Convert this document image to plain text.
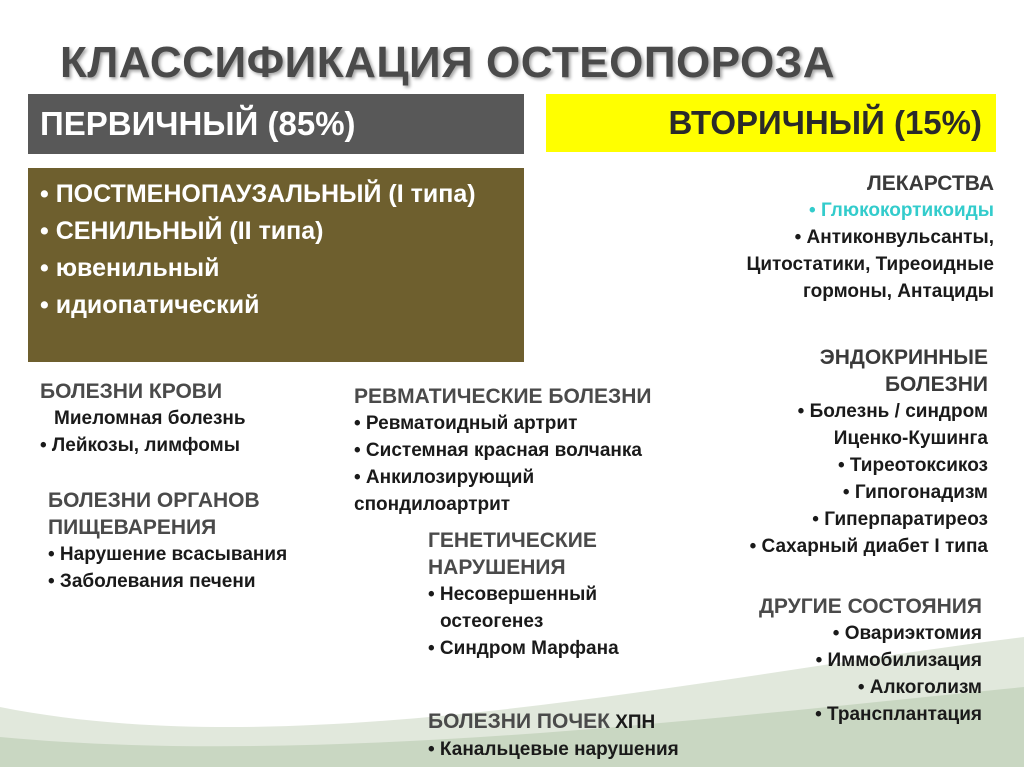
КЛАССИФИКАЦИЯ ОСТЕОПОРОЗА
ПЕРВИЧНЫЙ (85%)	ВТОРИЧНЫЙ (15%)
• ПОСТМЕНОПАУЗАЛЬНЫЙ (I типа)
• СЕНИЛЬНЫЙ (II типа)
• ювенильный
• идиопатический
ЛЕКАРСТВА
• Глюкокортикоиды
• Антиконвульсанты,
Цитостатики, Тиреоидные
гормоны, Антациды
ЭНДОКРИННЫЕ
БОЛЕЗНИ
• Болезнь / синдром
Иценко-Кушинга
• Тиреотоксикоз
• Гипогонадизм
• Гиперпаратиреоз
• Сахарный диабет I типа
БОЛЕЗНИ КРОВИ
Миеломная болезнь
• Лейкозы, лимфомы
РЕВМАТИЧЕСКИЕ БОЛЕЗНИ
• Ревматоидный артрит
• Системная красная волчанка
• Анкилозирующий
спондилоартрит
БОЛЕЗНИ ОРГАНОВ
ПИЩЕВАРЕНИЯ
• Нарушение всасывания
• Заболевания печени
ГЕНЕТИЧЕСКИЕ
НАРУШЕНИЯ
• Несовершенный
остеогенез
• Синдром Марфана
ДРУГИЕ СОСТОЯНИЯ
• Овариэктомия
• Иммобилизация
• Алкоголизм
• Трансплантация
БОЛЕЗНИ ПОЧЕК ХПН
• Канальцевые нарушения
